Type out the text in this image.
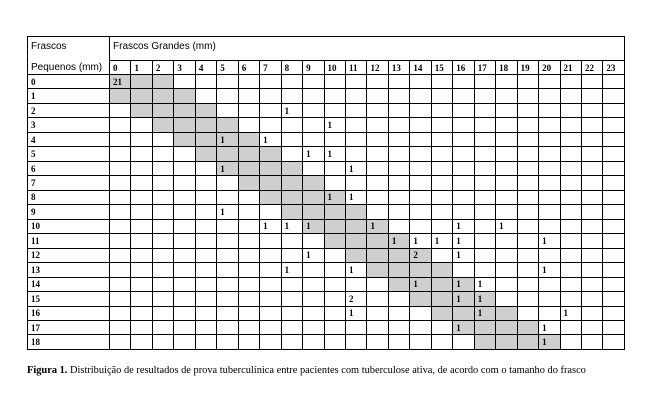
Frascos	Frascos Grandes (mm)																							
Pequenos (mm)	0	1	2	3	4	5	6	7	8	9	10	11	12	13	14	15	16	17	18	19	20	21	22	23
0	21																							
1																								
2									1															
3											1													
4						1		1																
5										1	1													
6						1						1												
7																								
8											1	1												
9						1																		
10								1	1	1			1				1		1					
11														1	1	1	1				1			
12										1					2		1							
13									1			1									1			
14															1		1	1						
15												2					1	1						
16												1						1				1		
17																	1				1			
18																					1			
Figura 1. Distribuição de resultados de prova tuberculínica entre pacientes com tuberculose ativa, de acordo com o tamanho do frasco
